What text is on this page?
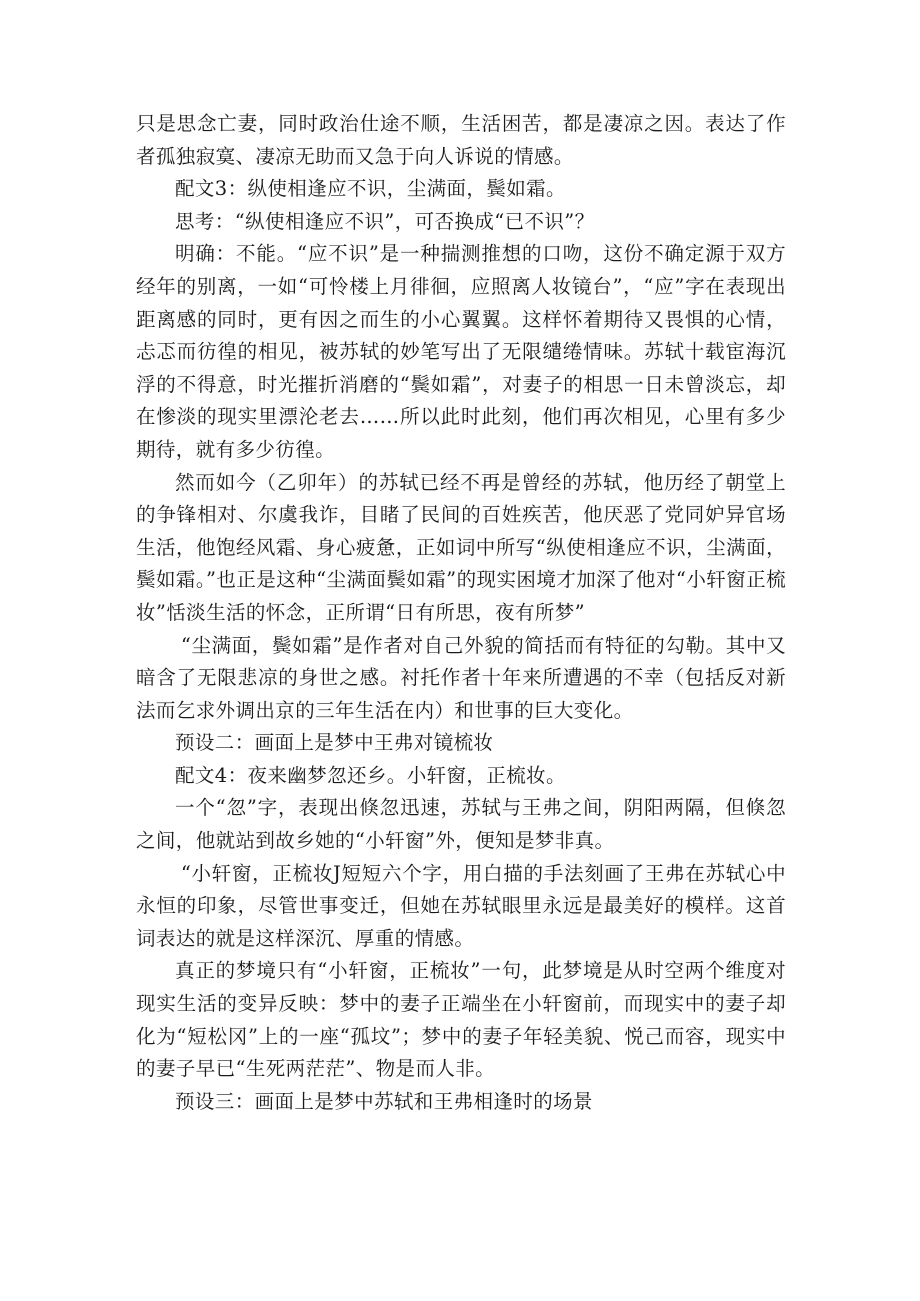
只是思念亡妻，同时政治仕途不顺，生活困苦，都是凄凉之因。表达了作者孤独寂寞、凄凉无助而又急于向人诉说的情感。

配文3：纵使相逢应不识，尘满面，鬓如霜。

思考：“纵使相逢应不识”，可否换成“已不识”？

明确：不能。“应不识”是一种揣测推想的口吻，这份不确定源于双方经年的别离，一如“可怜楼上月徘徊，应照离人妆镜台”，“应”字在表现出距离感的同时，更有因之而生的小心翼翼。这样怀着期待又畏惧的心情，忐忑而彷徨的相见，被苏轼的妙笔写出了无限缱绻情味。苏轼十载宦海沉浮的不得意，时光摧折消磨的“鬓如霜”，对妻子的相思一日未曾淡忘，却在惨淡的现实里漂沦老去……所以此时此刻，他们再次相见，心里有多少期待，就有多少彷徨。

然而如今（乙卯年）的苏轼已经不再是曾经的苏轼，他历经了朝堂上的争锋相对、尔虞我诈，目睹了民间的百姓疾苦，他厌恶了党同妒异官场生活，他饱经风霜、身心疲惫，正如词中所写“纵使相逢应不识，尘满面，鬓如霜。”也正是这种“尘满面鬓如霜”的现实困境才加深了他对“小轩窗正梳妆”恬淡生活的怀念，正所谓“日有所思，夜有所梦”

“尘满面，鬓如霜”是作者对自己外貌的简括而有特征的勾勒。其中又暗含了无限悲凉的身世之感。衬托作者十年来所遭遇的不幸（包括反对新法而乞求外调出京的三年生活在内）和世事的巨大变化。

预设二：画面上是梦中王弗对镜梳妆

配文4：夜来幽梦忽还乡。小轩窗，正梳妆。

一个“忽”字，表现出倏忽迅速，苏轼与王弗之间，阴阳两隔，但倏忽之间，他就站到故乡她的“小轩窗”外，便知是梦非真。

“小轩窗，正梳妆J短短六个字，用白描的手法刻画了王弗在苏轼心中永恒的印象，尽管世事变迁，但她在苏轼眼里永远是最美好的模样。这首词表达的就是这样深沉、厚重的情感。

真正的梦境只有“小轩窗，正梳妆”一句，此梦境是从时空两个维度对现实生活的变异反映：梦中的妻子正端坐在小轩窗前，而现实中的妻子却化为“短松冈”上的一座“孤坟”；梦中的妻子年轻美貌、悦己而容，现实中的妻子早已“生死两茫茫”、物是而人非。

预设三：画面上是梦中苏轼和王弗相逢时的场景
